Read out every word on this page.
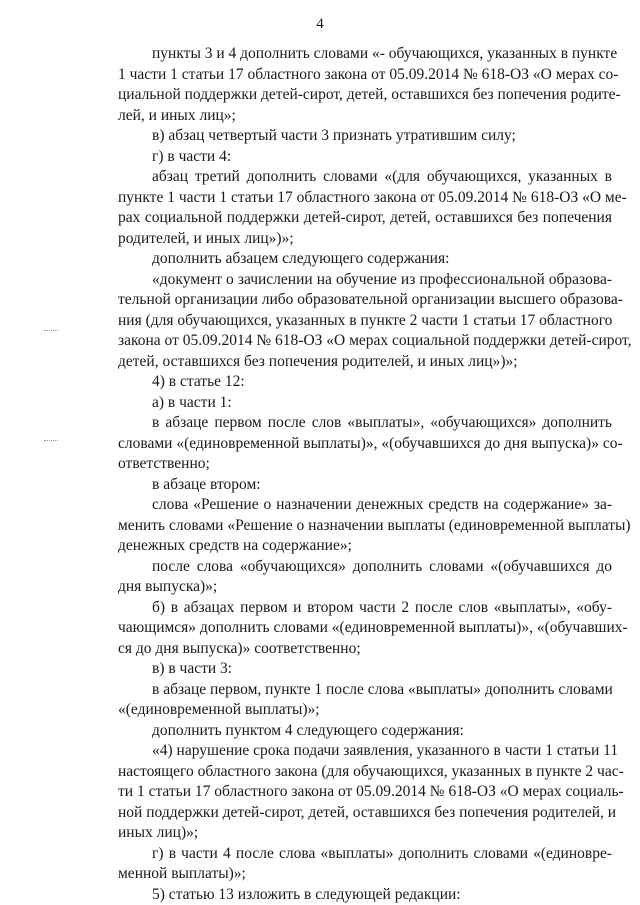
4
пункты 3 и 4 дополнить словами «- обучающихся, указанных в пункте
1 части 1 статьи 17 областного закона от 05.09.2014 № 618-ОЗ «О мерах со-
циальной поддержки детей-сирот, детей, оставшихся без попечения родите-
лей, и иных лиц»;
в) абзац четвертый части 3 признать утратившим силу;
г) в части 4:
абзац третий дополнить словами «(для обучающихся, указанных в
пункте 1 части 1 статьи 17 областного закона от 05.09.2014 № 618-ОЗ «О ме-
рах социальной поддержки детей-сирот, детей, оставшихся без попечения
родителей, и иных лиц»)»;
дополнить абзацем следующего содержания:
«документ о зачислении на обучение из профессиональной образова-
тельной организации либо образовательной организации высшего образова-
ния (для обучающихся, указанных в пункте 2 части 1 статьи 17 областного
закона от 05.09.2014 № 618-ОЗ «О мерах социальной поддержки детей-сирот,
детей, оставшихся без попечения родителей, и иных лиц»)»;
4) в статье 12:
а) в части 1:
в абзаце первом после слов «выплаты», «обучающихся» дополнить
словами «(единовременной выплаты)», «(обучавшихся до дня выпуска)» со-
ответственно;
в абзаце втором:
слова «Решение о назначении денежных средств на содержание» за-
менить словами «Решение о назначении выплаты (единовременной выплаты)
денежных средств на содержание»;
после слова «обучающихся» дополнить словами «(обучавшихся до
дня выпуска)»;
б) в абзацах первом и втором части 2 после слов «выплаты», «обу-
чающимся» дополнить словами «(единовременной выплаты)», «(обучавших-
ся до дня выпуска)» соответственно;
в) в части 3:
в абзаце первом, пункте 1 после слова «выплаты» дополнить словами
«(единовременной выплаты)»;
дополнить пунктом 4 следующего содержания:
«4) нарушение срока подачи заявления, указанного в части 1 статьи 11
настоящего областного закона (для обучающихся, указанных в пункте 2 час-
ти 1 статьи 17 областного закона от 05.09.2014 № 618-ОЗ «О мерах социаль-
ной поддержки детей-сирот, детей, оставшихся без попечения родителей, и
иных лиц)»;
г) в части 4 после слова «выплаты» дополнить словами «(единовре-
менной выплаты)»;
5) статью 13 изложить в следующей редакции:
